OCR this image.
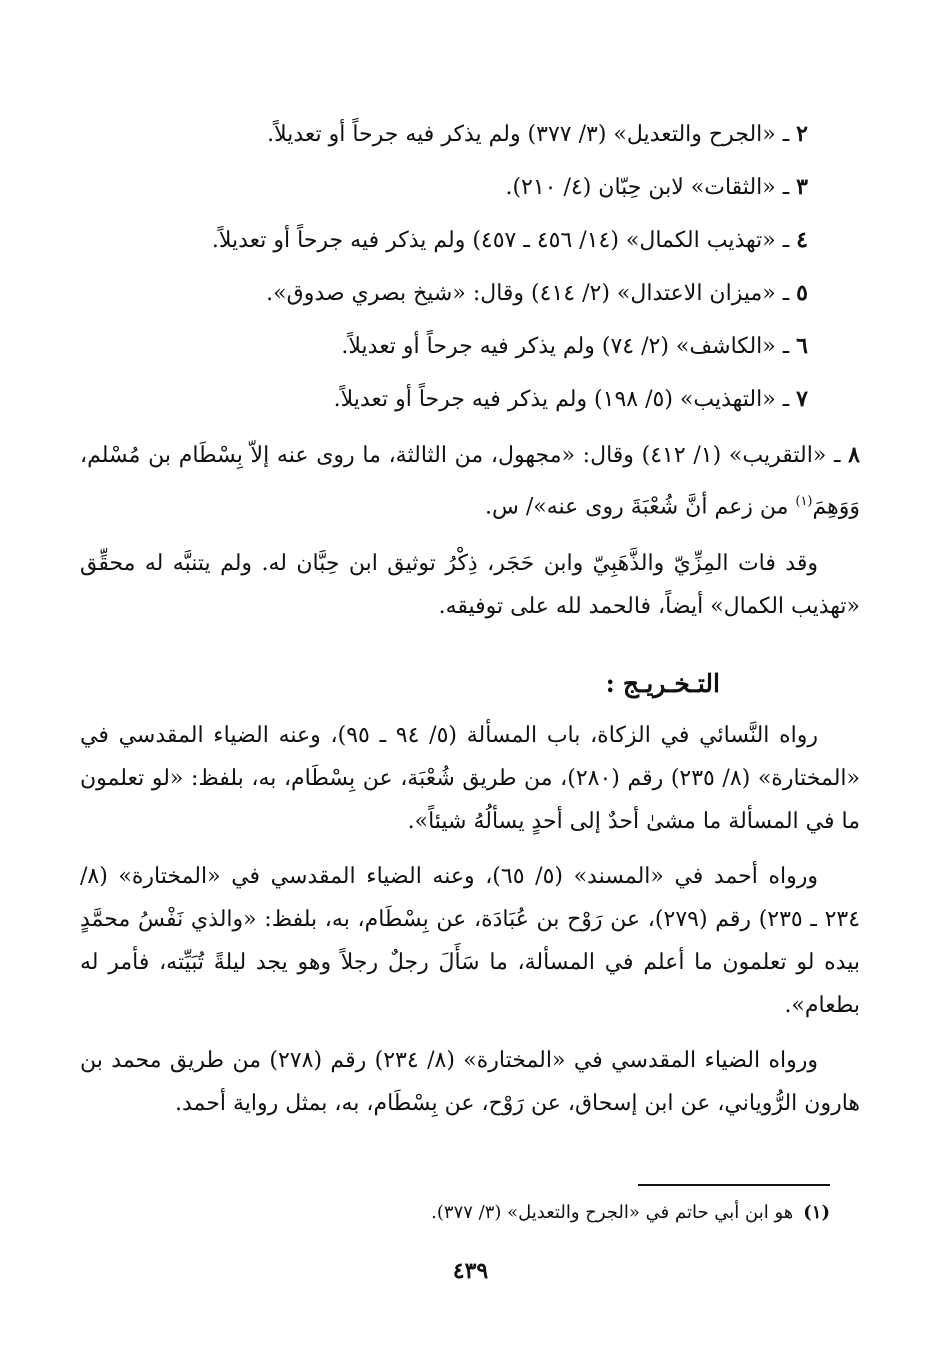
٢ ـ «الجرح والتعديل» (٣/ ٣٧٧) ولم يذكر فيه جرحاً أو تعديلاً.
٣ ـ «الثقات» لابن حِبّان (٤/ ٢١٠).
٤ ـ «تهذيب الكمال» (١٤/ ٤٥٦ ـ ٤٥٧) ولم يذكر فيه جرحاً أو تعديلاً.
٥ ـ «ميزان الاعتدال» (٢/ ٤١٤) وقال: «شيخ بصري صدوق».
٦ ـ «الكاشف» (٢/ ٧٤) ولم يذكر فيه جرحاً أو تعديلاً.
٧ ـ «التهذيب» (٥/ ١٩٨) ولم يذكر فيه جرحاً أو تعديلاً.
٨ ـ «التقريب» (١/ ٤١٢) وقال: «مجهول، من الثالثة، ما روى عنه إلاّ بِسْطَام بن مُسْلم، وَوَهِمَ$^{(١)}$ من زعم أنَّ شُعْبَةَ روى عنه»/ س.

وقد فات المِزِّيّ والذَّهَبِيّ وابن حَجَر، ذِكْرُ توثيق ابن حِبَّان له. ولم يتنبَّه له محقِّق «تهذيب الكمال» أيضاً، فالحمد لله على توفيقه.

التـخـريـج:

رواه النَّسائي في الزكاة، باب المسألة (٥/ ٩٤ ـ ٩٥)، وعنه الضياء المقدسي في «المختارة» (٨/ ٢٣٥) رقم (٢٨٠)، من طريق شُعْبَة، عن بِسْطَام، به، بلفظ: «لو تعلمون ما في المسألة ما مشىٰ أحدٌ إلى أحدٍ يسألُهُ شيئاً».

ورواه أحمد في «المسند» (٥/ ٦٥)، وعنه الضياء المقدسي في «المختارة» (٨/ ٢٣٤ ـ ٢٣٥) رقم (٢٧٩)، عن رَوْح بن عُبَادَة، عن بِسْطَام، به، بلفظ: «والذي نَفْسُ محمَّدٍ بيده لو تعلمون ما أعلم في المسألة، ما سَأَلَ رجلٌ رجلاً وهو يجد ليلةً تُبَيِّته، فأمر له بطعام».

ورواه الضياء المقدسي في «المختارة» (٨/ ٢٣٤) رقم (٢٧٨) من طريق محمد بن هارون الرُّوياني، عن ابن إسحاق، عن رَوْح، عن بِسْطَام، به، بمثل رواية أحمد.

(١)هو ابن أبي حاتم في «الجرح والتعديل» (٣/ ٣٧٧).

٤٣٩
